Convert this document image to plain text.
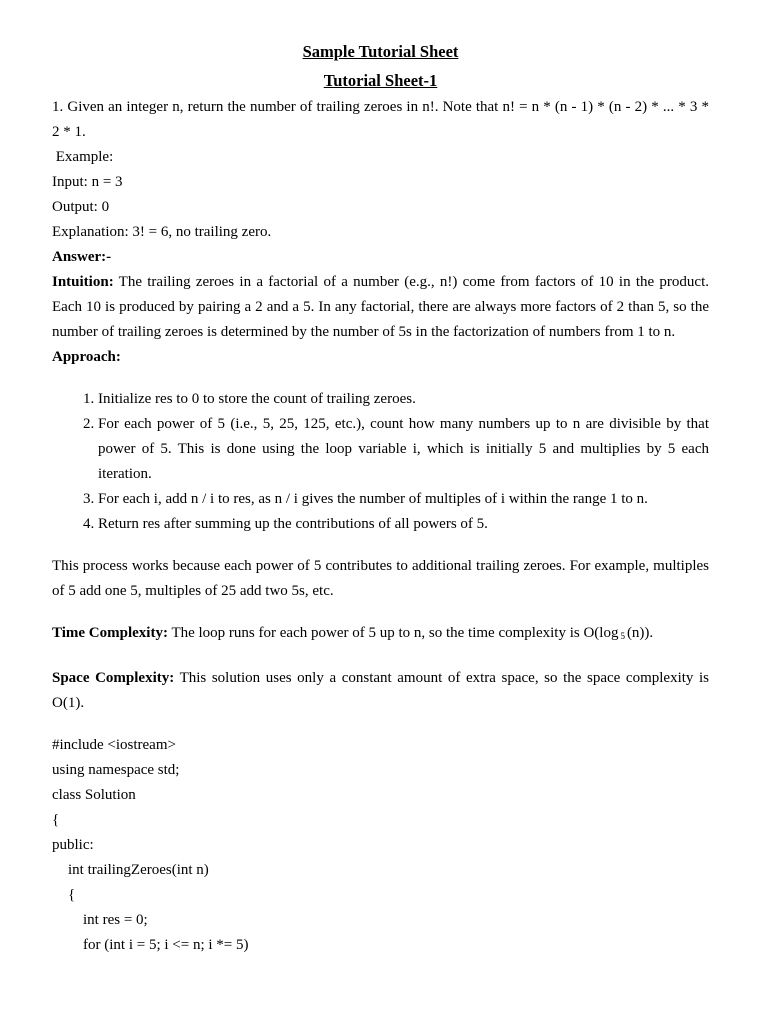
Sample Tutorial Sheet

Tutorial Sheet-1

1. Given an integer n, return the number of trailing zeroes in n!. Note that n! = n * (n - 1) * (n - 2) * ... * 3 * 2 * 1.

Example:

Input: n = 3

Output: 0

Explanation: 3! = 6, no trailing zero.

Answer:-

Intuition: The trailing zeroes in a factorial of a number (e.g., n!) come from factors of 10 in the product. Each 10 is produced by pairing a 2 and a 5. In any factorial, there are always more factors of 2 than 5, so the number of trailing zeroes is determined by the number of 5s in the factorization of numbers from 1 to n.

Approach:

1. Initialize res to 0 to store the count of trailing zeroes.
2. For each power of 5 (i.e., 5, 25, 125, etc.), count how many numbers up to n are divisible by that power of 5. This is done using the loop variable i, which is initially 5 and multiplies by 5 each iteration.
3. For each i, add n / i to res, as n / i gives the number of multiples of i within the range 1 to n.
4. Return res after summing up the contributions of all powers of 5.

This process works because each power of 5 contributes to additional trailing zeroes. For example, multiples of 5 add one 5, multiples of 25 add two 5s, etc.

Time Complexity: The loop runs for each power of 5 up to n, so the time complexity is O(log $_5$ (n)).

Space Complexity: This solution uses only a constant amount of extra space, so the space complexity is O(1).

#include <iostream>

using namespace std;

class Solution

{

public:

int trailingZeroes(int n)

{

int res = 0;

for (int i = 5; i <= n; i *= 5)
